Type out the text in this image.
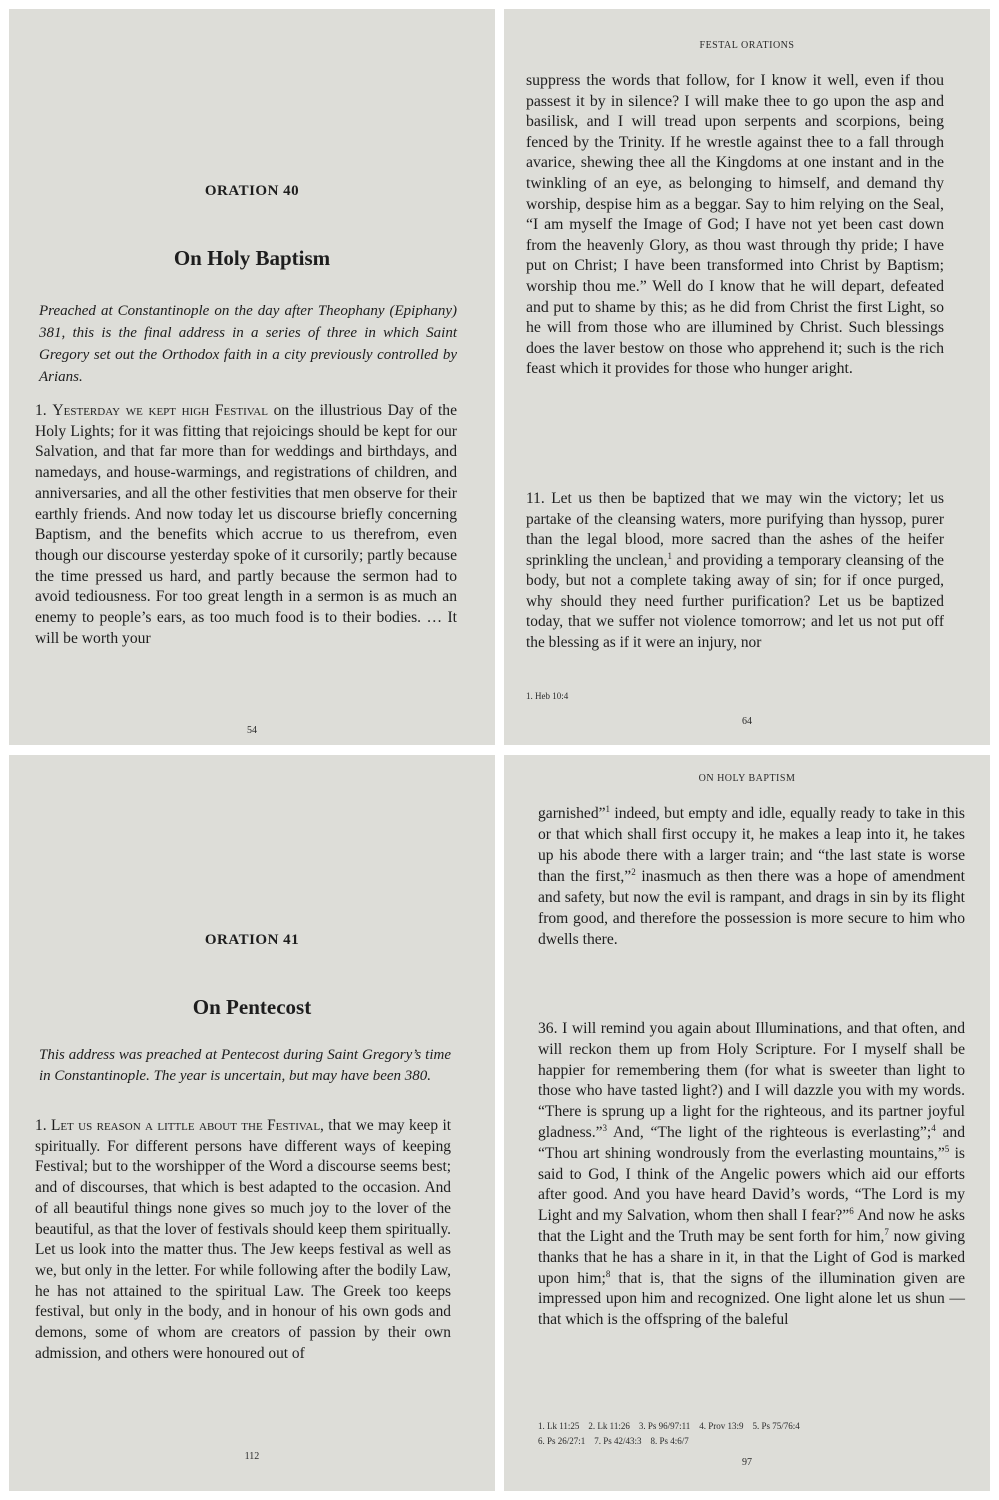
ORATION 40
On Holy Baptism

Preached at Constantinople on the day after Theophany (Epiphany) 381, this is the final address in a series of three in which Saint Gregory set out the Orthodox faith in a city previously controlled by Arians.

1. Yesterday we kept high Festival on the illustrious Day of the Holy Lights; for it was fitting that rejoicings should be kept for our Salvation, and that far more than for weddings and birthdays, and namedays, and house-warmings, and registrations of children, and anniversaries, and all the other festivities that men observe for their earthly friends. And now today let us discourse briefly concerning Baptism, and the benefits which accrue to us therefrom, even though our discourse yesterday spoke of it cursorily; partly because the time pressed us hard, and partly because the sermon had to avoid tediousness. For too great length in a sermon is as much an enemy to people’s ears, as too much food is to their bodies. … It will be worth your

54
FESTAL ORATIONS

suppress the words that follow, for I know it well, even if thou passest it by in silence? I will make thee to go upon the asp and basilisk, and I will tread upon serpents and scorpions, being fenced by the Trinity. If he wrestle against thee to a fall through avarice, shewing thee all the Kingdoms at one instant and in the twinkling of an eye, as belonging to himself, and demand thy worship, despise him as a beggar. Say to him relying on the Seal, “I am myself the Image of God; I have not yet been cast down from the heavenly Glory, as thou wast through thy pride; I have put on Christ; I have been transformed into Christ by Baptism; worship thou me.” Well do I know that he will depart, defeated and put to shame by this; as he did from Christ the first Light, so he will from those who are illumined by Christ. Such blessings does the laver bestow on those who apprehend it; such is the rich feast which it provides for those who hunger aright.

11. Let us then be baptized that we may win the victory; let us partake of the cleansing waters, more purifying than hyssop, purer than the legal blood, more sacred than the ashes of the heifer sprinkling the unclean,$^1$ and providing a temporary cleansing of the body, but not a complete taking away of sin; for if once purged, why should they need further purification? Let us be baptized today, that we suffer not violence tomorrow; and let us not put off the blessing as if it were an injury, nor

1. Heb 10:4

64
ORATION 41
On Pentecost

This address was preached at Pentecost during Saint Gregory’s time in Constantinople. The year is uncertain, but may have been 380.

1. Let us reason a little about the Festival, that we may keep it spiritually. For different persons have different ways of keeping Festival; but to the worshipper of the Word a discourse seems best; and of discourses, that which is best adapted to the occasion. And of all beautiful things none gives so much joy to the lover of the beautiful, as that the lover of festivals should keep them spiritually. Let us look into the matter thus. The Jew keeps festival as well as we, but only in the letter. For while following after the bodily Law, he has not attained to the spiritual Law. The Greek too keeps festival, but only in the body, and in honour of his own gods and demons, some of whom are creators of passion by their own admission, and others were honoured out of

112
ON HOLY BAPTISM

garnished”$^1$ indeed, but empty and idle, equally ready to take in this or that which shall first occupy it, he makes a leap into it, he takes up his abode there with a larger train; and “the last state is worse than the first,”$^2$ inasmuch as then there was a hope of amendment and safety, but now the evil is rampant, and drags in sin by its flight from good, and therefore the possession is more secure to him who dwells there.

36. I will remind you again about Illuminations, and that often, and will reckon them up from Holy Scripture. For I myself shall be happier for remembering them (for what is sweeter than light to those who have tasted light?) and I will dazzle you with my words. “There is sprung up a light for the righteous, and its partner joyful gladness.”$^3$ And, “The light of the righteous is everlasting”;$^4$ and “Thou art shining wondrously from the everlasting mountains,”$^5$ is said to God, I think of the Angelic powers which aid our efforts after good. And you have heard David’s words, “The Lord is my Light and my Salvation, whom then shall I fear?”$^6$ And now he asks that the Light and the Truth may be sent forth for him,$^7$ now giving thanks that he has a share in it, in that the Light of God is marked upon him;$^8$ that is, that the signs of the illumination given are impressed upon him and recognized. One light alone let us shun — that which is the offspring of the baleful

1. Lk 11:25 2. Lk 11:26 3. Ps 96/97:11 4. Prov 13:9 5. Ps 75/76:4
6. Ps 26/27:1 7. Ps 42/43:3 8. Ps 4:6/7
97
